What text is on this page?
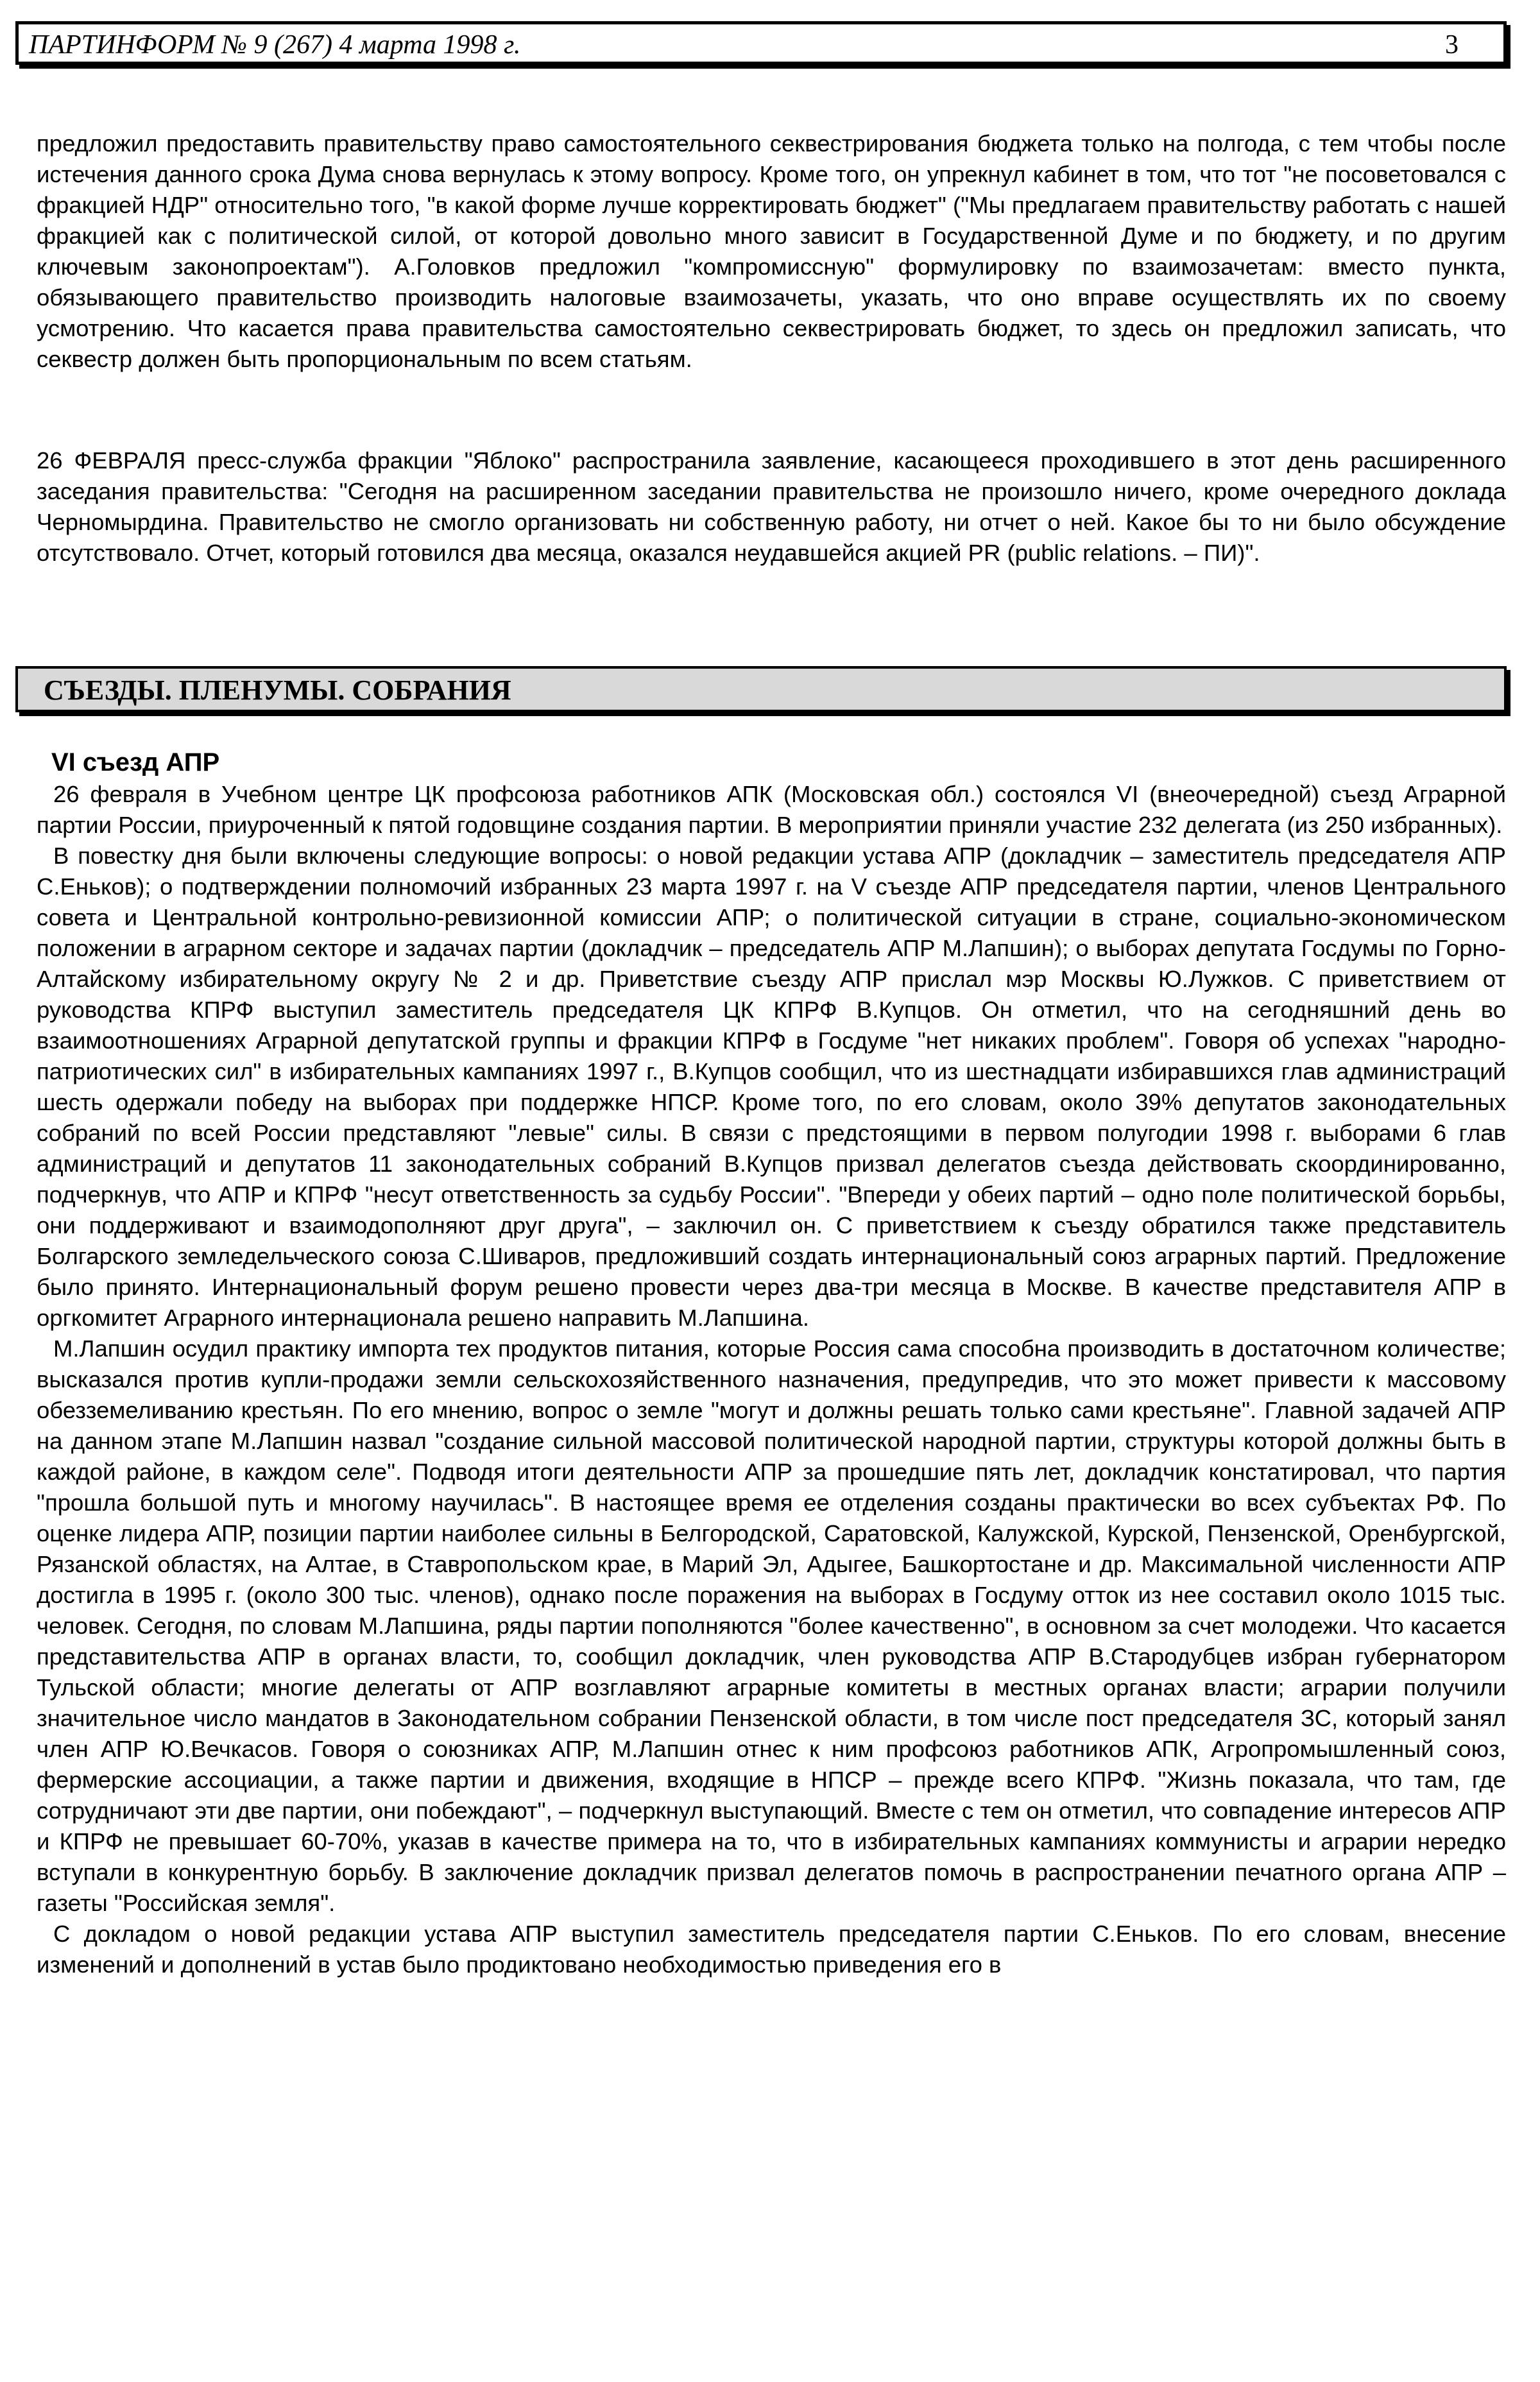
ПАРТИНФОРМ № 9 (267) 4 марта 1998 г.	3

предложил предоставить правительству право самостоятельного секвестрирования бюджета только на полгода, с тем чтобы после истечения данного срока Дума снова вернулась к этому вопросу. Кроме того, он упрекнул кабинет в том, что тот "не посоветовался с фракцией НДР" относительно того, "в какой форме лучше корректировать бюджет" ("Мы предлагаем правительству работать с нашей фракцией как с политической силой, от которой довольно много зависит в Государственной Думе и по бюджету, и по другим ключевым законопроектам"). А.Головков предложил "компромиссную" формулировку по взаимозачетам: вместо пункта, обязывающего правительство производить налоговые взаимозачеты, указать, что оно вправе осуществлять их по своему усмотрению. Что касается права правительства самостоятельно секвестрировать бюджет, то здесь он предложил записать, что секвестр должен быть пропорциональным по всем статьям.

26 ФЕВРАЛЯ пресс-служба фракции "Яблоко" распространила заявление, касающееся проходившего в этот день расширенного заседания правительства: "Сегодня на расширенном заседании правительства не произошло ничего, кроме очередного доклада Черномырдина. Правительство не смогло организовать ни собственную работу, ни отчет о ней. Какое бы то ни было обсуждение отсутствовало. Отчет, который готовился два месяца, оказался неудавшейся акцией PR (public relations. – ПИ)".

СЪЕЗДЫ. ПЛЕНУМЫ. СОБРАНИЯ
VI съезд АПР

26 февраля в Учебном центре ЦК профсоюза работников АПК (Московская обл.) состоялся VI (внеочередной) съезд Аграрной партии России, приуроченный к пятой годовщине создания партии. В мероприятии приняли участие 232 делегата (из 250 избранных).

В повестку дня были включены следующие вопросы: о новой редакции устава АПР (докладчик – заместитель председателя АПР С.Еньков); о подтверждении полномочий избранных 23 марта 1997 г. на V съезде АПР председателя партии, членов Центрального совета и Центральной контрольно-ревизионной комиссии АПР; о политической ситуации в стране, социально-экономическом положении в аграрном секторе и задачах партии (докладчик – председатель АПР М.Лапшин); о выборах депутата Госдумы по Горно-Алтайскому избирательному округу № 2 и др. Приветствие съезду АПР прислал мэр Москвы Ю.Лужков. С приветствием от руководства КПРФ выступил заместитель председателя ЦК КПРФ В.Купцов. Он отметил, что на сегодняшний день во взаимоотношениях Аграрной депутатской группы и фракции КПРФ в Госдуме "нет никаких проблем". Говоря об успехах "народно-патриотических сил" в избирательных кампаниях 1997 г., В.Купцов сообщил, что из шестнадцати избиравшихся глав администраций шесть одержали победу на выборах при поддержке НПСР. Кроме того, по его словам, около 39% депутатов законодательных собраний по всей России представляют "левые" силы. В связи с предстоящими в первом полугодии 1998 г. выборами 6 глав администраций и депутатов 11 законодательных собраний В.Купцов призвал делегатов съезда действовать скоординированно, подчеркнув, что АПР и КПРФ "несут ответственность за судьбу России". "Впереди у обеих партий – одно поле политической борьбы, они поддерживают и взаимодополняют друг друга", – заключил он. С приветствием к съезду обратился также представитель Болгарского земледельческого союза С.Шиваров, предложивший создать интернациональный союз аграрных партий. Предложение было принято. Интернациональный форум решено провести через два-три месяца в Москве. В качестве представителя АПР в оргкомитет Аграрного интернационала решено направить М.Лапшина.

М.Лапшин осудил практику импорта тех продуктов питания, которые Россия сама способна производить в достаточном количестве; высказался против купли-продажи земли сельскохозяйственного назначения, предупредив, что это может привести к массовому обезземеливанию крестьян. По его мнению, вопрос о земле "могут и должны решать только сами крестьяне". Главной задачей АПР на данном этапе М.Лапшин назвал "создание сильной массовой политической народной партии, структуры которой должны быть в каждой районе, в каждом селе". Подводя итоги деятельности АПР за прошедшие пять лет, докладчик констатировал, что партия "прошла большой путь и многому научилась". В настоящее время ее отделения созданы практически во всех субъектах РФ. По оценке лидера АПР, позиции партии наиболее сильны в Белгородской, Саратовской, Калужской, Курской, Пензенской, Оренбургской, Рязанской областях, на Алтае, в Ставропольском крае, в Марий Эл, Адыгее, Башкортостане и др. Максимальной численности АПР достигла в 1995 г. (около 300 тыс. членов), однако после поражения на выборах в Госдуму отток из нее составил около 1015 тыс. человек. Сегодня, по словам М.Лапшина, ряды партии пополняются "более качественно", в основном за счет молодежи. Что касается представительства АПР в органах власти, то, сообщил докладчик, член руководства АПР В.Стародубцев избран губернатором Тульской области; многие делегаты от АПР возглавляют аграрные комитеты в местных органах власти; аграрии получили значительное число мандатов в Законодательном собрании Пензенской области, в том числе пост председателя ЗС, который занял член АПР Ю.Вечкасов. Говоря о союзниках АПР, М.Лапшин отнес к ним профсоюз работников АПК, Агропромышленный союз, фермерские ассоциации, а также партии и движения, входящие в НПСР – прежде всего КПРФ. "Жизнь показала, что там, где сотрудничают эти две партии, они побеждают", – подчеркнул выступающий. Вместе с тем он отметил, что совпадение интересов АПР и КПРФ не превышает 60-70%, указав в качестве примера на то, что в избирательных кампаниях коммунисты и аграрии нередко вступали в конкурентную борьбу. В заключение докладчик призвал делегатов помочь в распространении печатного органа АПР – газеты "Российская земля".

С докладом о новой редакции устава АПР выступил заместитель председателя партии С.Еньков. По его словам, внесение изменений и дополнений в устав было продиктовано необходимостью приведения его в
